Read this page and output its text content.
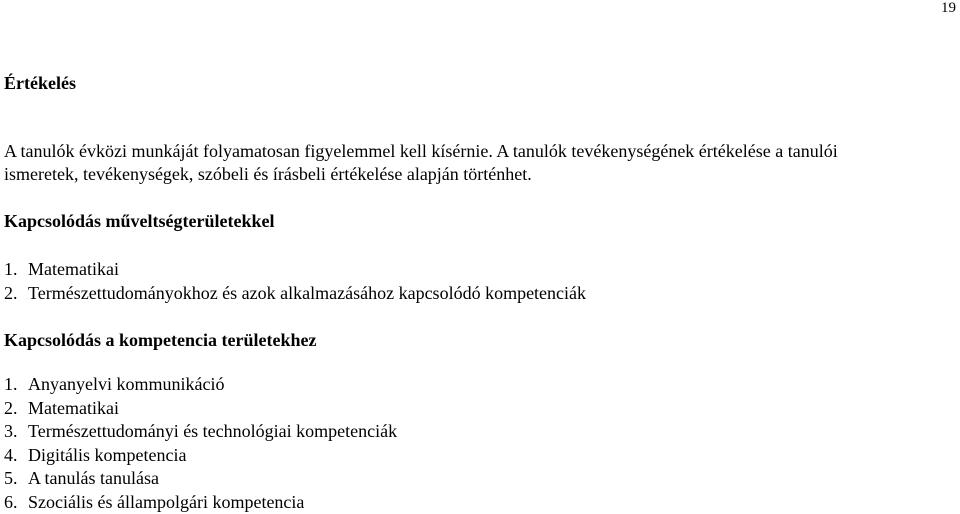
19
Értékelés

A tanulók évközi munkáját folyamatosan figyelemmel kell kísérnie. A tanulók tevékenységének értékelése a tanulói
ismeretek, tevékenységek, szóbeli és írásbeli értékelése alapján történhet.

Kapcsolódás műveltségterületekkel
1. Matematikai
2. Természettudományokhoz és azok alkalmazásához kapcsolódó kompetenciák
Kapcsolódás a kompetencia területekhez
1. Anyanyelvi kommunikáció
2. Matematikai
3. Természettudományi és technológiai kompetenciák
4. Digitális kompetencia
5. A tanulás tanulása
6. Szociális és állampolgári kompetencia
